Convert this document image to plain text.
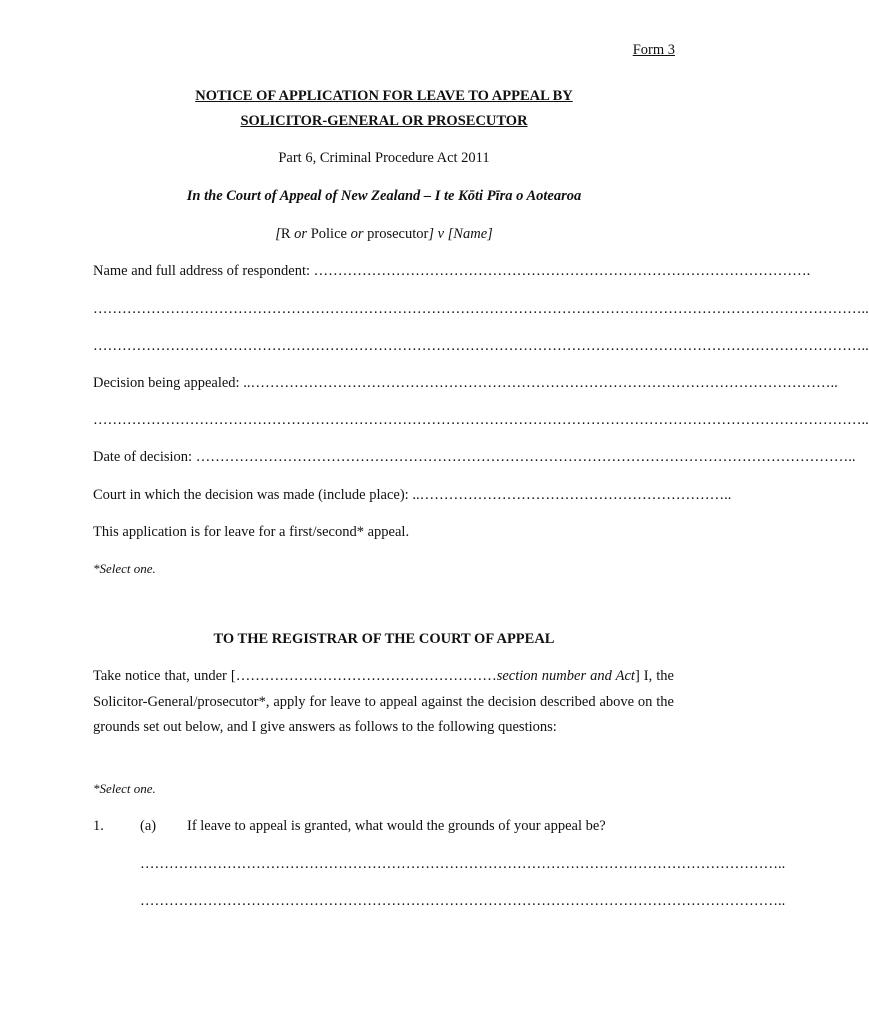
Form 3
NOTICE OF APPLICATION FOR LEAVE TO APPEAL BY
SOLICITOR-GENERAL OR PROSECUTOR
Part 6, Criminal Procedure Act 2011
In the Court of Appeal of New Zealand – I te Kōti Pīra o Aotearoa
[R or Police or prosecutor] v [Name]
Name and full address of respondent: ………………………………………………………………………………………….
……………………………………………………………………………………………………………………………………………..
……………………………………………………………………………………………………………………………………………..
Decision being appealed: ..…………………………………………………………………………………………………………..
……………………………………………………………………………………………………………………………………………..
Date of decision: ………………………………………………………………………………………………………………………..
Court in which the decision was made (include place): ..………………………………………………………..
This application is for leave for a first/second* appeal.
*Select one.
TO THE REGISTRAR OF THE COURT OF APPEAL
Take notice that, under [………………………………………………section number and Act] I, the Solicitor-General/prosecutor*, apply for leave to appeal against the decision described above on the grounds set out below, and I give answers as follows to the following questions:
*Select one.
1. (a) If leave to appeal is granted, what would the grounds of your appeal be?
……………………………………………………………………………………………………………………..
……………………………………………………………………………………………………………………..
